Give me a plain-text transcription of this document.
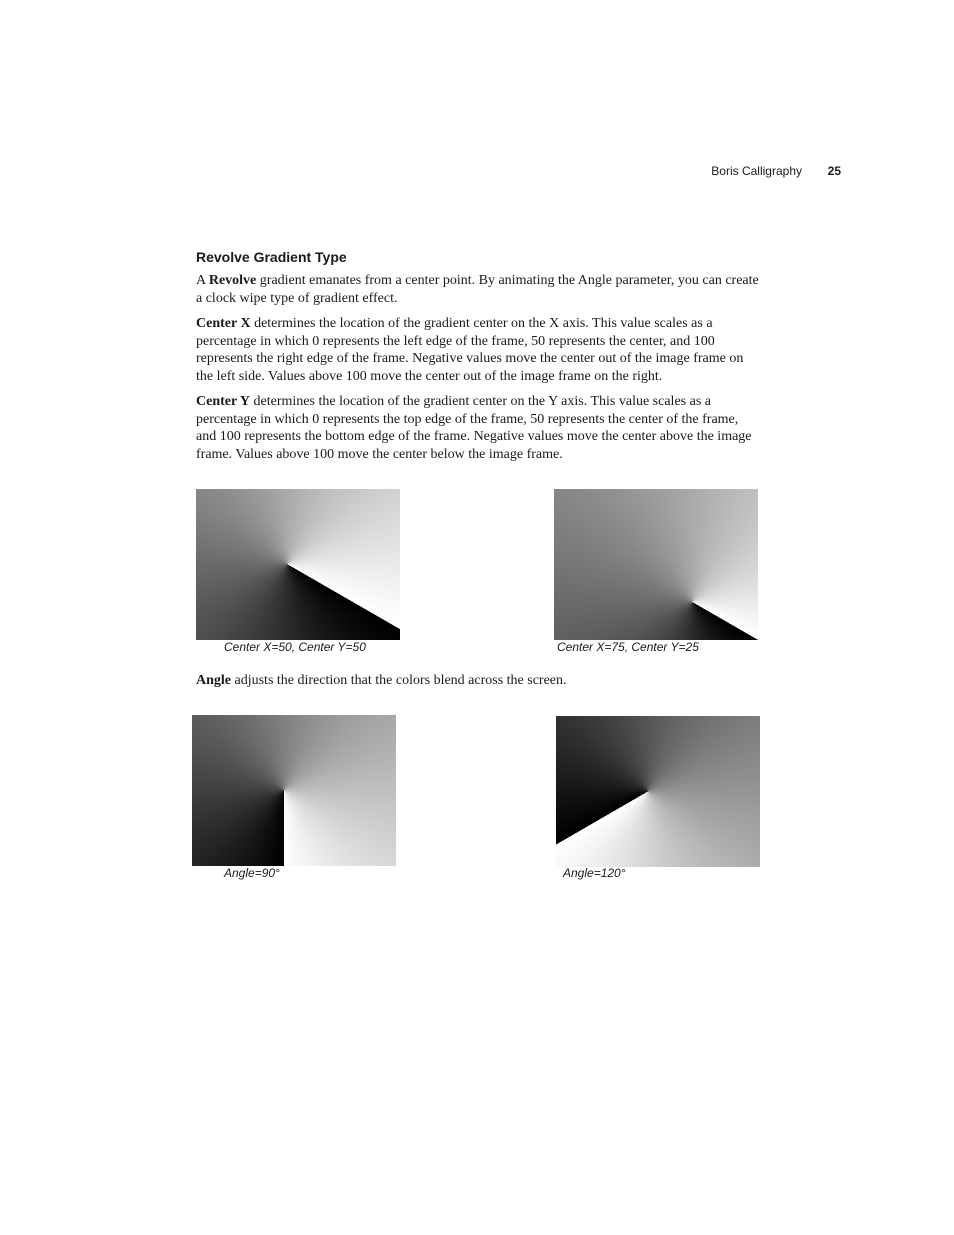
Boris Calligraphy 25
Revolve Gradient Type

A Revolve gradient emanates from a center point. By animating the Angle parameter, you can create a clock wipe type of gradient effect.

Center X determines the location of the gradient center on the X axis. This value scales as a percentage in which 0 represents the left edge of the frame, 50 represents the center, and 100 represents the right edge of the frame. Negative values move the center out of the image frame on the left side. Values above 100 move the center out of the image frame on the right.

Center Y determines the location of the gradient center on the Y axis. This value scales as a percentage in which 0 represents the top edge of the frame, 50 represents the center of the frame, and 100 represents the bottom edge of the frame. Negative values move the center above the image frame. Values above 100 move the center below the image frame.

Center X=50, Center Y=50	Center X=75, Center Y=25

Angle adjusts the direction that the colors blend across the screen.

Angle=90°	Angle=120°
